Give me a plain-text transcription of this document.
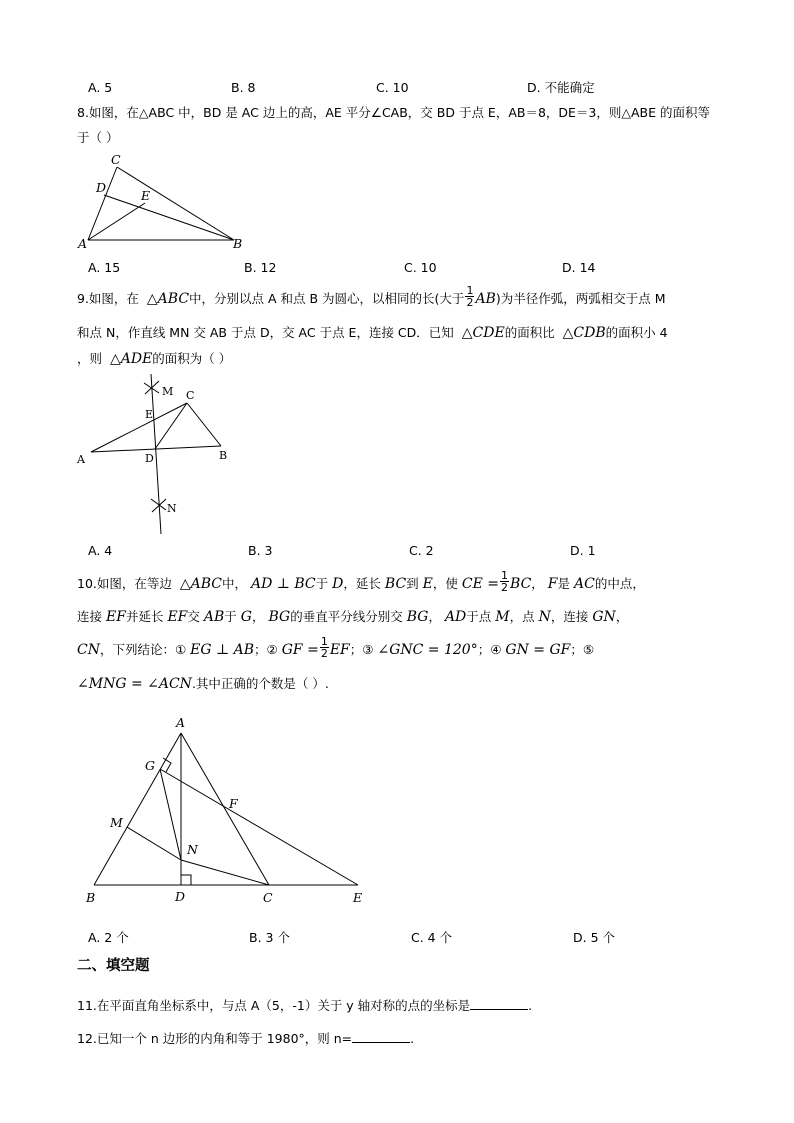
A. 5	B. 8	C. 10	D. 不能确定
8.如图，在△ABC 中，BD 是 AC 边上的高，AE 平分∠CAB，交 BD 于点 E，AB＝8，DE＝3，则△ABE 的面积等
于（ ）
C
D
E
A	B
A. 15	B. 12	C. 10	D. 14
9.如图，在 △ABC中，分别以点 A 和点 B 为圆心，以相同的长(大于 $\frac{1}{2} AB$)为半径作弧，两弧相交于点 M
和点 N，作直线 MN 交 AB 于点 D，交 AC 于点 E，连接 CD．已知 △CDE的面积比 △CDB的面积小 4
，则 △ADE的面积为（ ）
M C
E
A	D	B
N
A. 4	B. 3	C. 2	D. 1
10.如图，在等边 △ABC中， AD ⊥ BC于 D，延长 BC到 E，使 CE = $\frac{1}{2}$ BC， F是 AC的中点，
连接 EF并延长 EF交 AB于 G， BG的垂直平分线分别交 BG， AD于点 M，点 N，连接 GN，
CN，下列结论：① EG ⊥ AB；② GF = $\frac{1}{2}$ EF；③ ∠GNC = 120°；④ GN = GF；⑤
∠MNG = ∠ACN.其中正确的个数是（ ）.
A
G
F
M
N
B	D	C	E
A. 2 个	B. 3 个	C. 4 个	D. 5 个
二、填空题
11.在平面直角坐标系中，与点 A（5，-1）关于 y 轴对称的点的坐标是	.
12.已知一个 n 边形的内角和等于 1980°，则 n=	.
